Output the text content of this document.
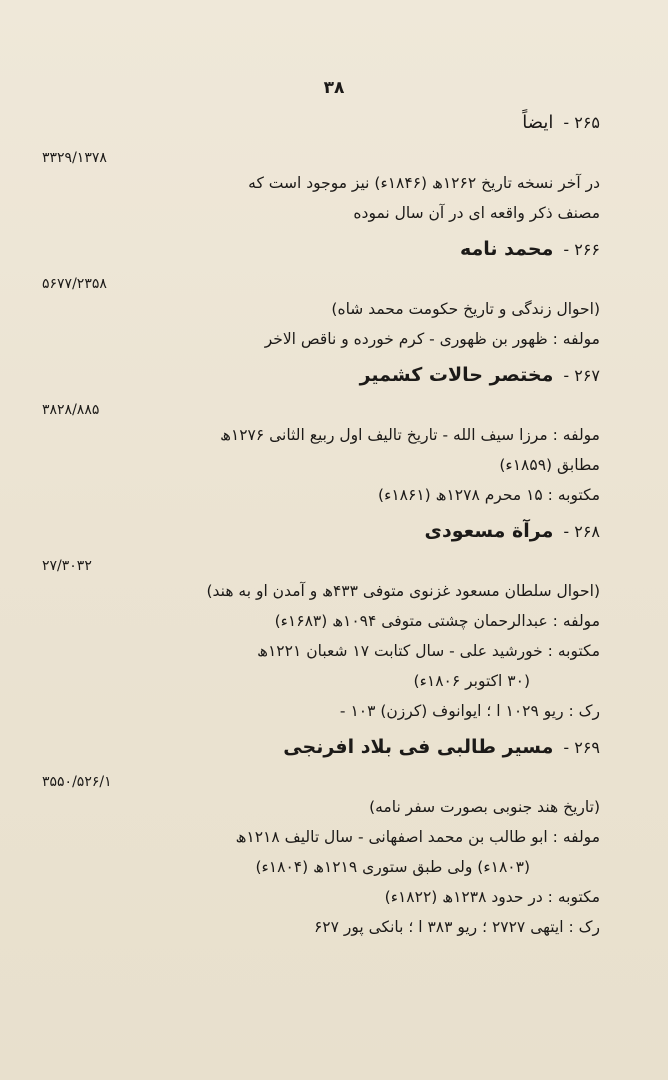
۳۸
۲۶۵ -
ایضاً
۳۳۲۹/۱۳۷۸
در آخر نسخه تاریخ ۱۲۶۲ھ (۱۸۴۶ء) نیز موجود است که
مصنف ذکر واقعه ای در آن سال نموده
۲۶۶ -
محمد نامه
۵۶۷۷/۲۳۵۸
(احوال زندگی و تاریخ حکومت محمد شاه)
مولفه : ظهور بن ظهوری - کرم خورده و ناقص الاخر
۲۶۷ -
مختصر حالات کشمیر
۳۸۲۸/۸۸۵
مولفه : مرزا سیف الله - تاریخ تالیف اول ربیع الثانی ۱۲۷۶ھ
مطابق (۱۸۵۹ء)
مکتوبه : ۱۵ محرم ۱۲۷۸ھ (۱۸۶۱ء)
۲۶۸ -
مرآة مسعودی
۲۷/۳۰۳۲
(احوال سلطان مسعود غزنوی متوفی ۴۳۳ھ و آمدن او به هند)
مولفه : عبدالرحمان چشتی متوفی ۱۰۹۴ھ (۱۶۸۳ء)
مکتوبه : خورشید علی - سال کتابت ۱۷ شعبان ۱۲۲۱ھ
(۳۰ اکتوبر ۱۸۰۶ء)
رک : ریو ۱۰۲۹ ا ؛ ایوانوف (کرزن) ۱۰۳ -
۲۶۹ -
مسیر طالبی فی بلاد افرنجی
۳۵۵۰/۵۲۶/۱
(تاریخ هند جنوبی بصورت سفر نامه)
مولفه : ابو طالب بن محمد اصفهانی - سال تالیف ۱۲۱۸ھ
(۱۸۰۳ء) ولی طبق ستوری ۱۲۱۹ھ (۱۸۰۴ء)
مکتوبه : در حدود ۱۲۳۸ھ (۱۸۲۲ء)
رک : ایتهی ۲۷۲۷ ؛ ریو ۳۸۳ ا ؛ بانکی پور ۶۲۷
